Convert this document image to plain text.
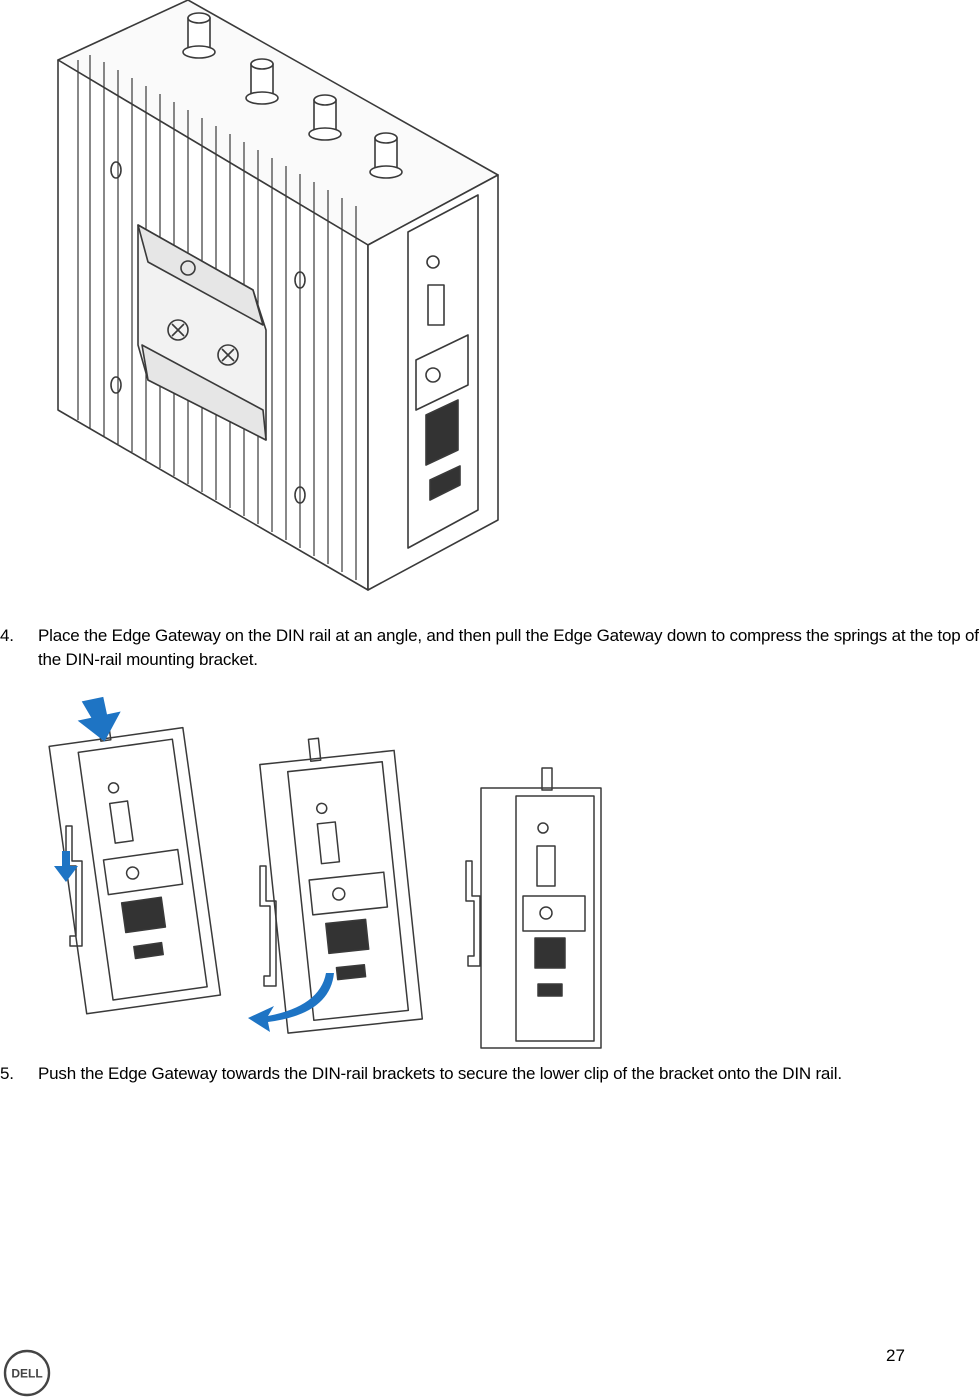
4.	Place the Edge Gateway on the DIN rail at an angle, and then pull the Edge Gateway down to compress the springs at the top of the DIN-rail mounting bracket.
5.	Push the Edge Gateway towards the DIN-rail brackets to secure the lower clip of the bracket onto the DIN rail.
27
DELL
